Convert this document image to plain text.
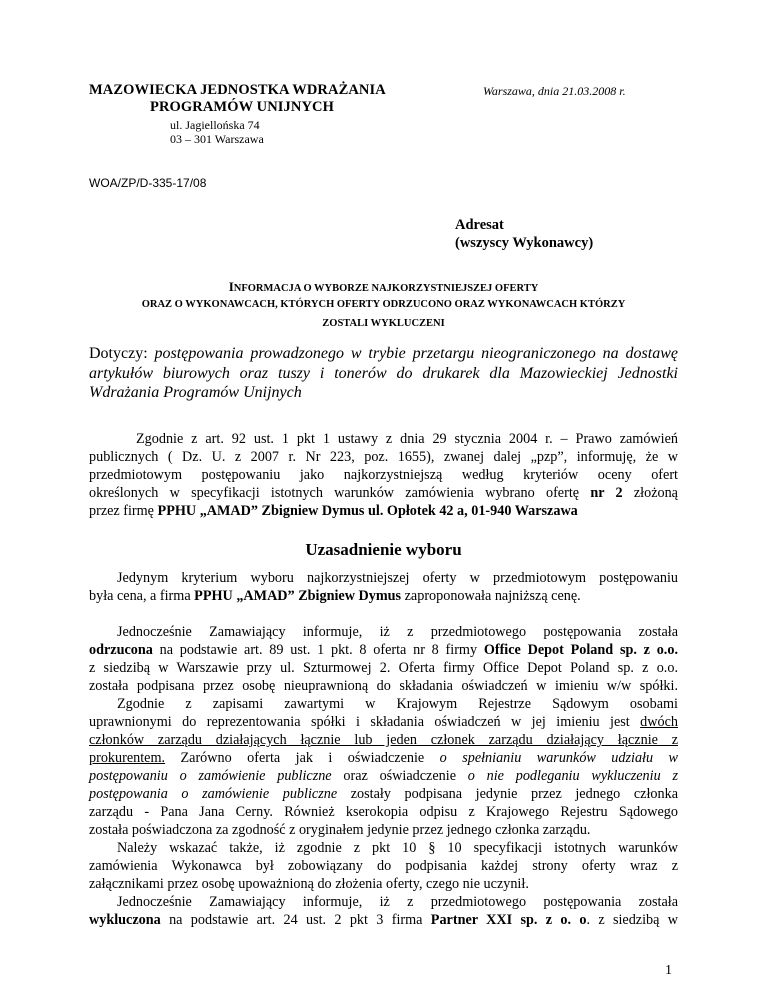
MAZOWIECKA JEDNOSTKA WDRAŻANIA
PROGRAMÓW UNIJNYCH
ul. Jagiellońska 74
03 – 301 Warszawa
Warszawa, dnia 21.03.2008 r.
WOA/ZP/D-335-17/08
Adresat
(wszyscy Wykonawcy)
INFORMACJA O WYBORZE NAJKORZYSTNIEJSZEJ OFERTY
ORAZ O WYKONAWCACH, KTÓRYCH OFERTY ODRZUCONO ORAZ WYKONAWCACH KTÓRZY
ZOSTALI WYKLUCZENI
Dotyczy: postępowania prowadzonego w trybie przetargu nieograniczonego na dostawę
artykułów biurowych oraz tuszy i tonerów do drukarek dla Mazowieckiej Jednostki
Wdrażania Programów Unijnych
Zgodnie z art. 92 ust. 1 pkt 1 ustawy z dnia 29 stycznia 2004 r. – Prawo zamówień
publicznych ( Dz. U. z 2007 r. Nr 223, poz. 1655), zwanej dalej „pzp”, informuję, że w
przedmiotowym postępowaniu jako najkorzystniejszą według kryteriów oceny ofert
określonych w specyfikacji istotnych warunków zamówienia wybrano ofertę nr 2 złożoną
przez firmę PPHU „AMAD” Zbigniew Dymus ul. Opłotek 42 a, 01-940 Warszawa
Uzasadnienie wyboru
Jedynym kryterium wyboru najkorzystniejszej oferty w przedmiotowym postępowaniu
była cena, a firma PPHU „AMAD” Zbigniew Dymus zaproponowała najniższą cenę.
Jednocześnie Zamawiający informuje, iż z przedmiotowego postępowania została
odrzucona na podstawie art. 89 ust. 1 pkt. 8 oferta nr 8 firmy Office Depot Poland sp. z o.o.
z siedzibą w Warszawie przy ul. Szturmowej 2. Oferta firmy Office Depot Poland sp. z o.o.
została podpisana przez osobę nieuprawnioną do składania oświadczeń w imieniu w/w spółki.
Zgodnie z zapisami zawartymi w Krajowym Rejestrze Sądowym osobami
uprawnionymi do reprezentowania spółki i składania oświadczeń w jej imieniu jest dwóch
członków zarządu działających łącznie lub jeden członek zarządu działający łącznie z
prokurentem. Zarówno oferta jak i oświadczenie o spełnianiu warunków udziału w
postępowaniu o zamówienie publiczne oraz oświadczenie o nie podleganiu wykluczeniu z
postępowania o zamówienie publiczne zostały podpisana jedynie przez jednego członka
zarządu - Pana Jana Cerny. Również kserokopia odpisu z Krajowego Rejestru Sądowego
została poświadczona za zgodność z oryginałem jedynie przez jednego członka zarządu.
Należy wskazać także, iż zgodnie z pkt 10 § 10 specyfikacji istotnych warunków
zamówienia Wykonawca był zobowiązany do podpisania każdej strony oferty wraz z
załącznikami przez osobę upoważnioną do złożenia oferty, czego nie uczynił.
Jednocześnie Zamawiający informuje, iż z przedmiotowego postępowania została
wykluczona na podstawie art. 24 ust. 2 pkt 3 firma Partner XXI sp. z o. o. z siedzibą w
1
